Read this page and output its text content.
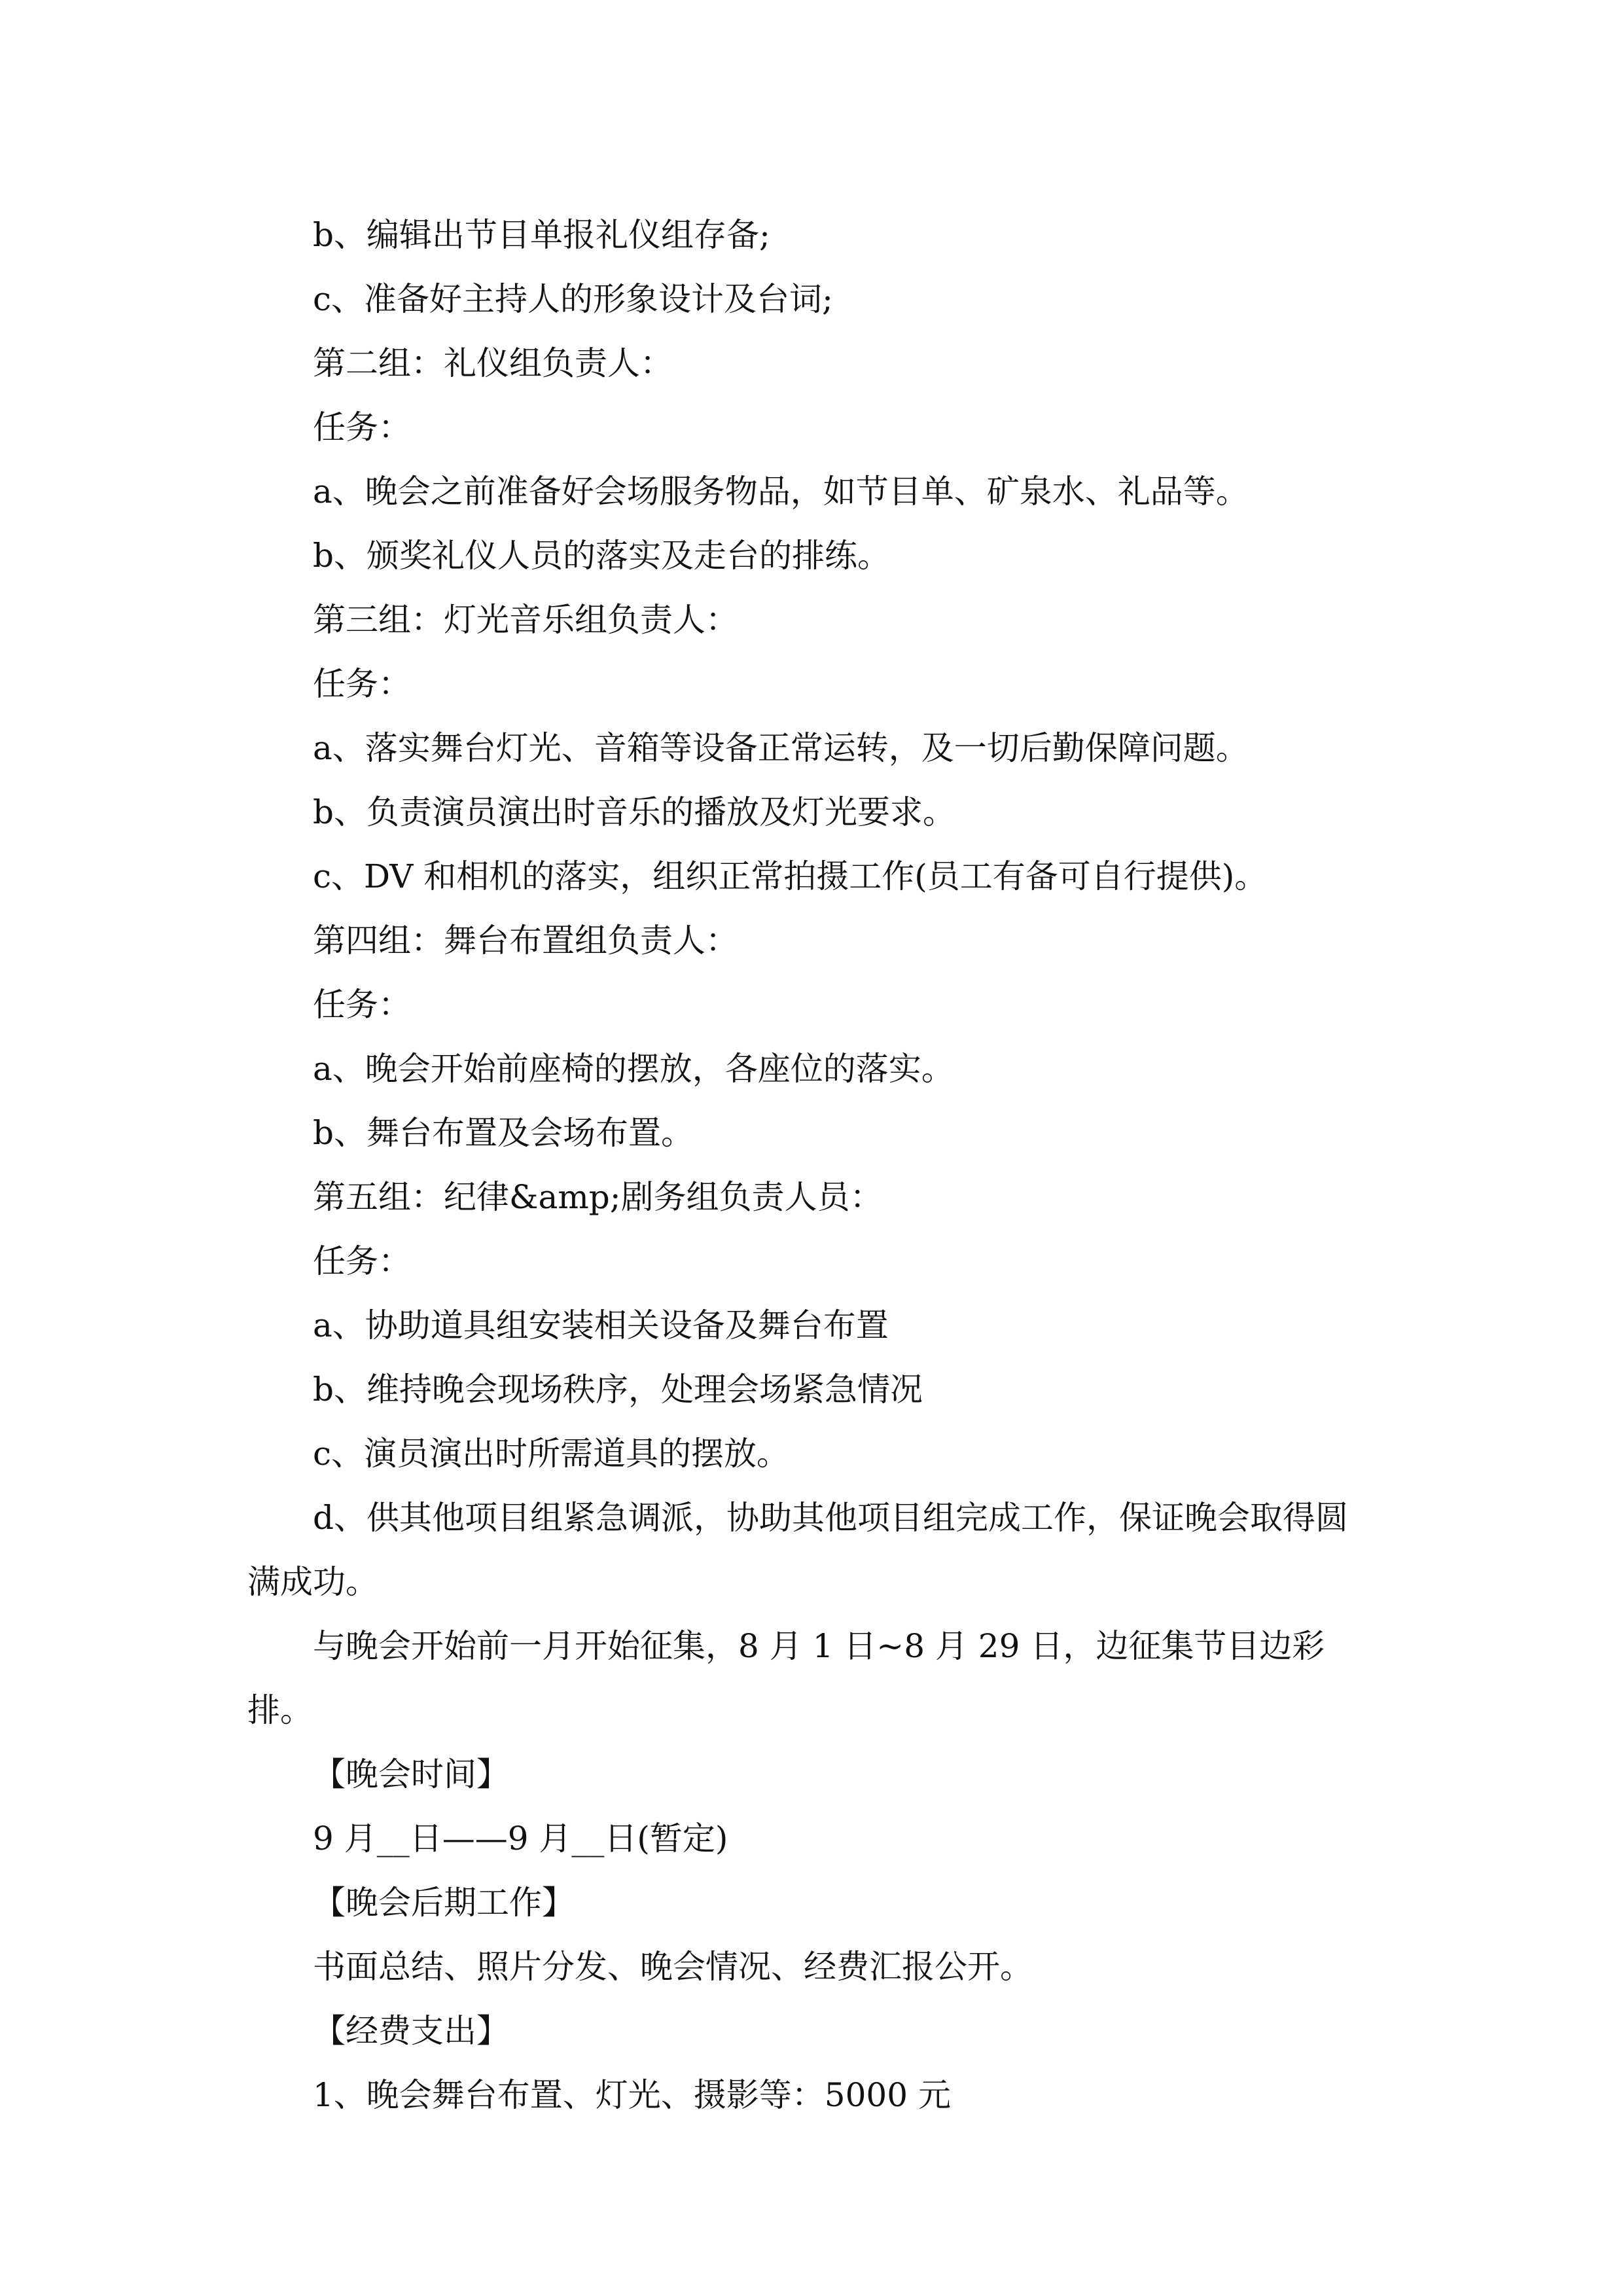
b、编辑出节目单报礼仪组存备;

c、准备好主持人的形象设计及台词;

第二组：礼仪组负责人：

任务：

a、晚会之前准备好会场服务物品，如节目单、矿泉水、礼品等。

b、颁奖礼仪人员的落实及走台的排练。

第三组：灯光音乐组负责人：

任务：

a、落实舞台灯光、音箱等设备正常运转，及一切后勤保障问题。

b、负责演员演出时音乐的播放及灯光要求。

c、DV 和相机的落实，组织正常拍摄工作(员工有备可自行提供)。

第四组：舞台布置组负责人：

任务：

a、晚会开始前座椅的摆放，各座位的落实。

b、舞台布置及会场布置。

第五组：纪律&amp;剧务组负责人员：

任务：

a、协助道具组安装相关设备及舞台布置

b、维持晚会现场秩序，处理会场紧急情况

c、演员演出时所需道具的摆放。

d、供其他项目组紧急调派，协助其他项目组完成工作，保证晚会取得圆满成功。

与晚会开始前一月开始征集，8 月 1 日~8 月 29 日，边征集节目边彩排。

【晚会时间】

9 月__日——9 月__日(暂定)

【晚会后期工作】

书面总结、照片分发、晚会情况、经费汇报公开。

【经费支出】

1、晚会舞台布置、灯光、摄影等：5000 元
